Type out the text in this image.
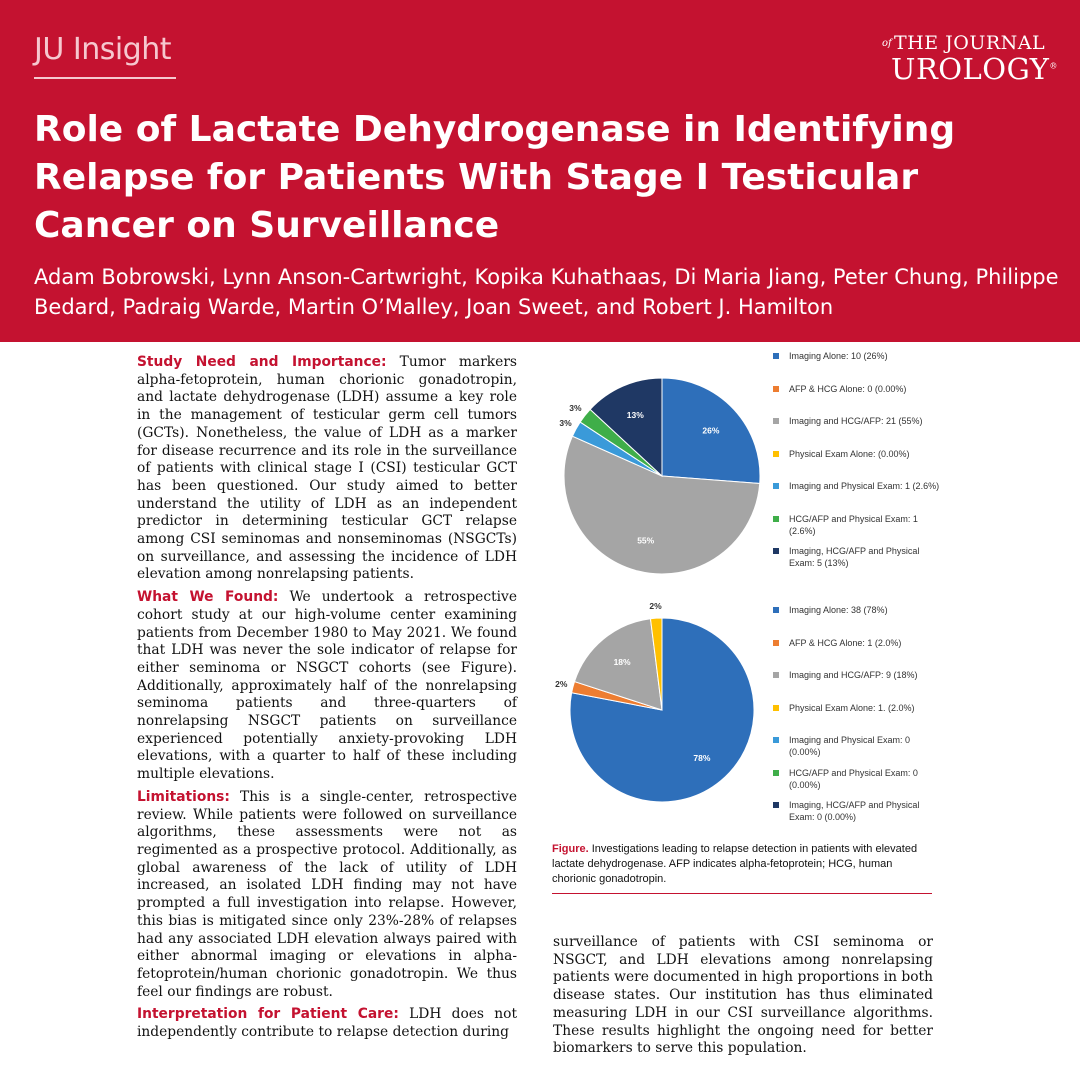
JU Insight	of THE JOURNAL
UROLOGY®
Role of Lactate Dehydrogenase in Identifying Relapse for Patients With Stage I Testicular Cancer on Surveillance

Adam Bobrowski, Lynn Anson-Cartwright, Kopika Kuhathaas, Di Maria Jiang, Peter Chung, Philippe Bedard, Padraig Warde, Martin O’Malley, Joan Sweet, and Robert J. Hamilton

Study Need and Importance: Tumor markers alpha-fetoprotein, human chorionic gonadotropin, and lactate dehydrogenase (LDH) assume a key role in the management of testicular germ cell tumors (GCTs). Nonetheless, the value of LDH as a marker for disease recurrence and its role in the surveillance of patients with clinical stage I (CSI) testicular GCT has been questioned. Our study aimed to better understand the utility of LDH as an independent predictor in determining testicular GCT relapse among CSI seminomas and nonseminomas (NSGCTs) on surveillance, and assessing the incidence of LDH elevation among nonrelapsing patients.

What We Found: We undertook a retrospective cohort study at our high-volume center examining patients from December 1980 to May 2021. We found that LDH was never the sole indicator of relapse for either seminoma or NSGCT cohorts (see Figure). Additionally, approximately half of the nonrelapsing seminoma patients and three-quarters of nonrelapsing NSGCT patients on surveillance experienced potentially anxiety-provoking LDH elevations, with a quarter to half of these including multiple elevations.

Limitations: This is a single-center, retrospective review. While patients were followed on surveillance algorithms, these assessments were not as regimented as a prospective protocol. Additionally, as global awareness of the lack of utility of LDH increased, an isolated LDH finding may not have prompted a full investigation into relapse. However, this bias is mitigated since only 23%-28% of relapses had any associated LDH elevation always paired with either abnormal imaging or elevations in alpha-fetoprotein/human chorionic gonadotropin. We thus feel our findings are robust.

Interpretation for Patient Care: LDH does not independently contribute to relapse detection during

26%
55%
3%
3%
13%
Imaging Alone: 10 (26%)
AFP & HCG Alone: 0 (0.00%)
Imaging and HCG/AFP: 21 (55%)
Physical Exam Alone: (0.00%)
Imaging and Physical Exam: 1 (2.6%)
HCG/AFP and Physical Exam: 1 (2.6%)
Imaging, HCG/AFP and Physical Exam: 5 (13%)
78%
2%
18%
2%	Imaging Alone: 38 (78%)
AFP & HCG Alone: 1 (2.0%)
Imaging and HCG/AFP: 9 (18%)
Physical Exam Alone: 1. (2.0%)
Imaging and Physical Exam: 0 (0.00%)
HCG/AFP and Physical Exam: 0 (0.00%)
Imaging, HCG/AFP and Physical Exam: 0 (0.00%)

Figure. Investigations leading to relapse detection in patients with elevated lactate dehydrogenase. AFP indicates alpha-fetoprotein; HCG, human chorionic gonadotropin.

surveillance of patients with CSI seminoma or NSGCT, and LDH elevations among nonrelapsing patients were documented in high proportions in both disease states. Our institution has thus eliminated measuring LDH in our CSI surveillance algorithms. These results highlight the ongoing need for better biomarkers to serve this population.
